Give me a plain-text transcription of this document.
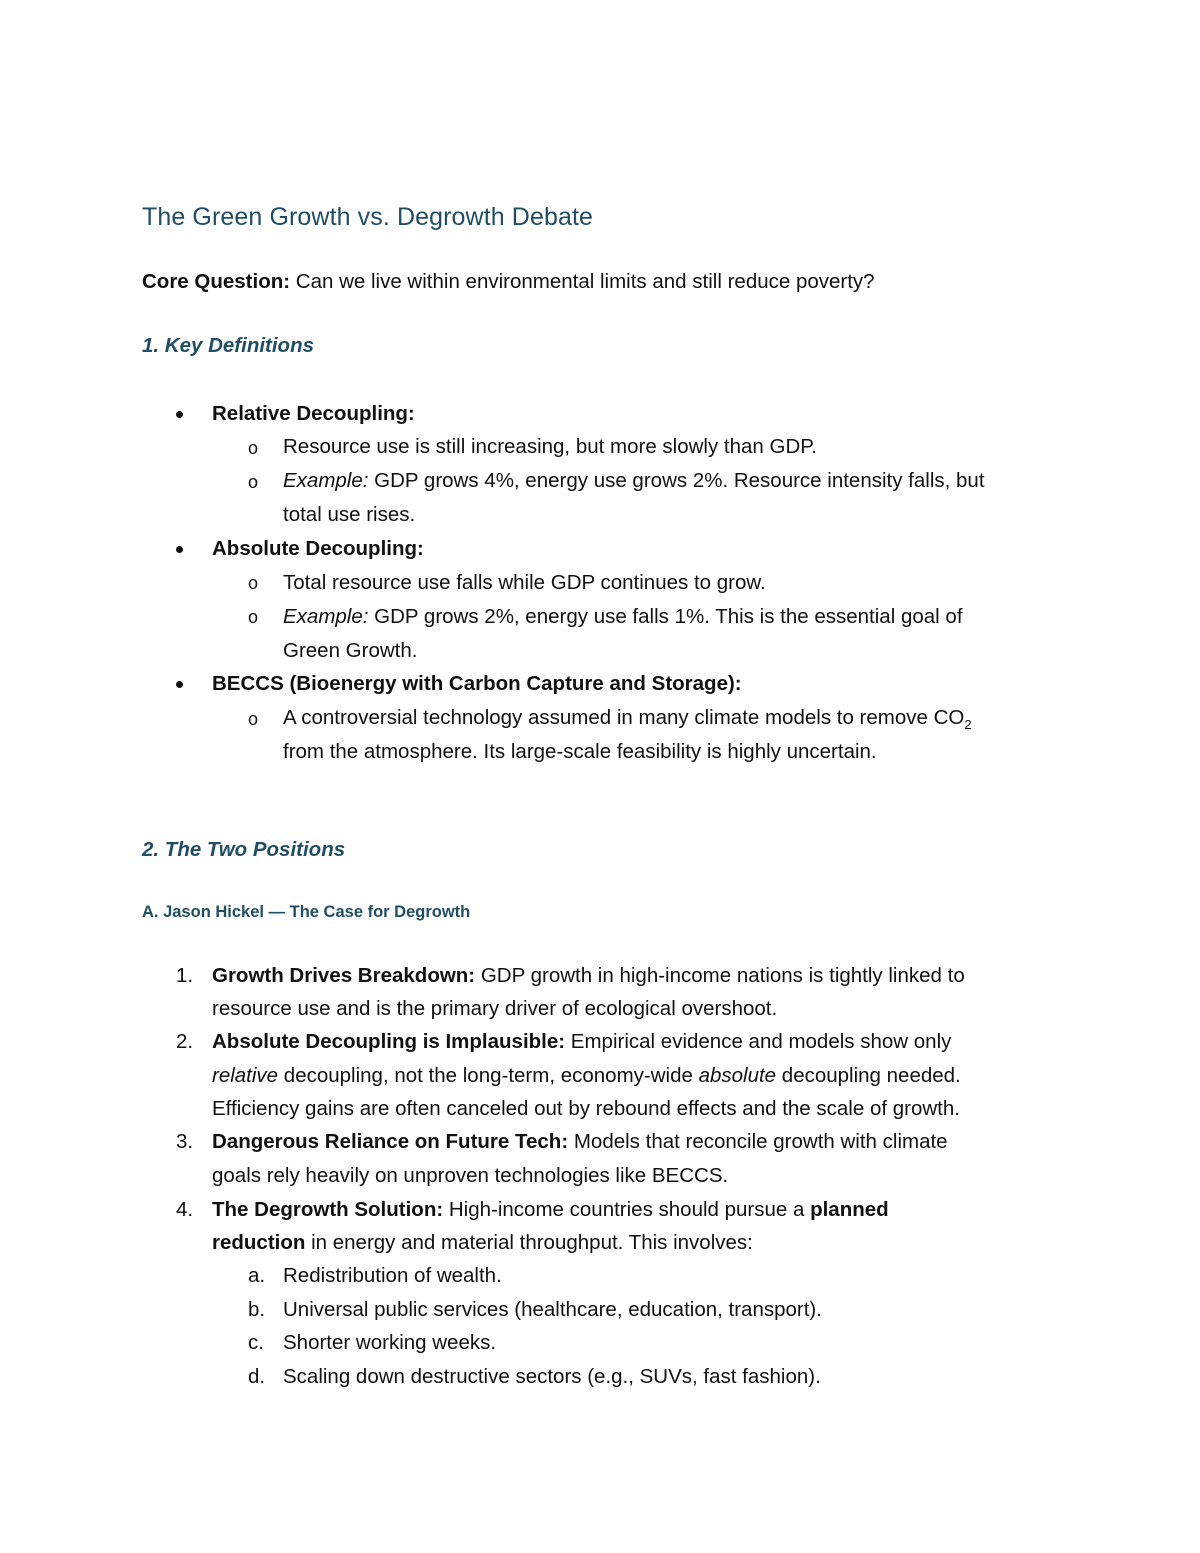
The Green Growth vs. Degrowth Debate
Core Question: Can we live within environmental limits and still reduce poverty?
1. Key Definitions
Relative Decoupling:
o Resource use is still increasing, but more slowly than GDP.
o Example: GDP grows 4%, energy use grows 2%. Resource intensity falls, but
total use rises.
Absolute Decoupling:
o Total resource use falls while GDP continues to grow.
o Example: GDP grows 2%, energy use falls 1%. This is the essential goal of
Green Growth.
BECCS (Bioenergy with Carbon Capture and Storage):
o A controversial technology assumed in many climate models to remove $CO_2$
from the atmosphere. Its large-scale feasibility is highly uncertain.
2. The Two Positions
A. Jason Hickel — The Case for Degrowth
1. Growth Drives Breakdown: GDP growth in high-income nations is tightly linked to
resource use and is the primary driver of ecological overshoot.
2. Absolute Decoupling is Implausible: Empirical evidence and models show only
relative decoupling, not the long-term, economy-wide absolute decoupling needed.
Efficiency gains are often canceled out by rebound effects and the scale of growth.
3. Dangerous Reliance on Future Tech: Models that reconcile growth with climate
goals rely heavily on unproven technologies like BECCS.
4. The Degrowth Solution: High-income countries should pursue a planned
reduction in energy and material throughput. This involves:
a. Redistribution of wealth.
b. Universal public services (healthcare, education, transport).
c. Shorter working weeks.
d. Scaling down destructive sectors (e.g., SUVs, fast fashion).
